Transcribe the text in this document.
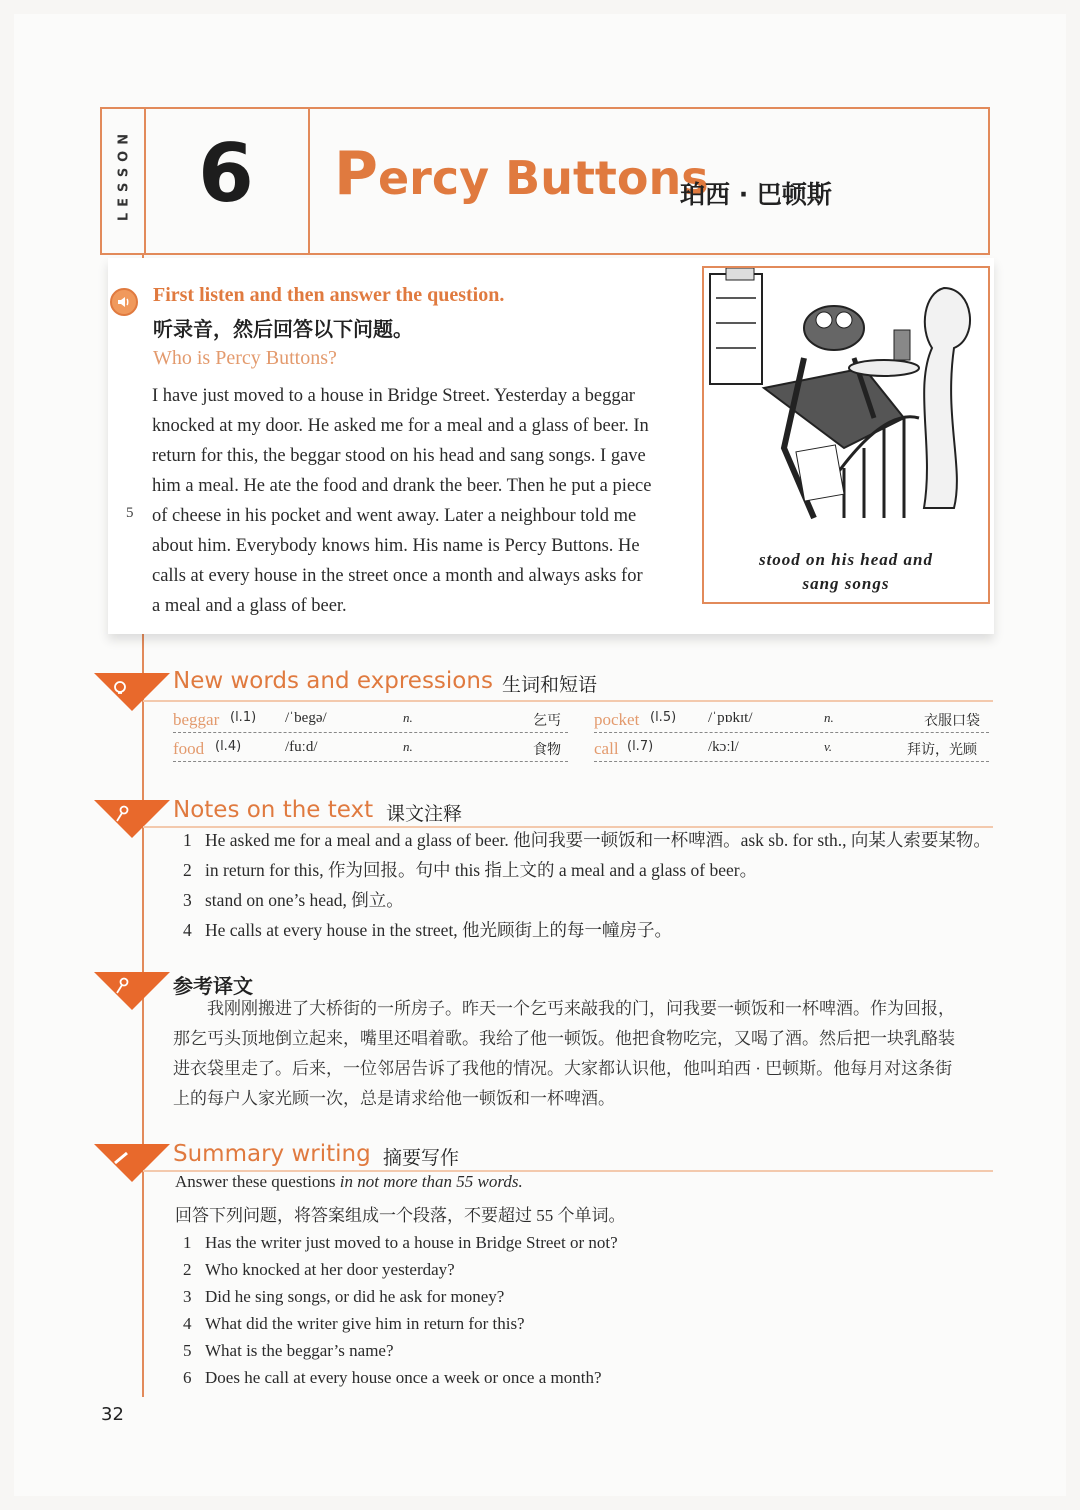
LESSON 6	Percy Buttons
珀西 · 巴顿斯
First listen and then answer the question.
听录音，然后回答以下问题。
Who is Percy Buttons?
5

I have just moved to a house in Bridge Street. Yesterday a beggar

knocked at my door. He asked me for a meal and a glass of beer. In

return for this, the beggar stood on his head and sang songs. I gave

him a meal. He ate the food and drank the beer. Then he put a piece

of cheese in his pocket and went away. Later a neighbour told me

about him. Everybody knows him. His name is Percy Buttons. He

calls at every house in the street once a month and always asks for

a meal and a glass of beer.

stood on his head and
sang songs
New words and expressions 生词和短语
beggar (l.1) /ˈbegə/	n.	乞丐
food (l.4)	/fuːd/	n.	食物
pocket (l.5) /ˈpɒkɪt/	n.	衣服口袋
call (l.7)	/kɔːl/	v.	拜访，光顾
Notes on the text 课文注释
1 He asked me for a meal and a glass of beer. 他问我要一顿饭和一杯啤酒。ask sb. for sth., 向某人索要某物。
2 in return for this, 作为回报。句中 this 指上文的 a meal and a glass of beer。
3 stand on one’s head, 倒立。
4 He calls at every house in the street, 他光顾街上的每一幢房子。
参考译文

　　我刚刚搬进了大桥街的一所房子。昨天一个乞丐来敲我的门，问我要一顿饭和一杯啤酒。作为回报，

那乞丐头顶地倒立起来，嘴里还唱着歌。我给了他一顿饭。他把食物吃完，又喝了酒。然后把一块乳酪装

进衣袋里走了。后来，一位邻居告诉了我他的情况。大家都认识他，他叫珀西 · 巴顿斯。他每月对这条街

上的每户人家光顾一次，总是请求给他一顿饭和一杯啤酒。

Summary writing 摘要写作
Answer these questions in not more than 55 words.
回答下列问题，将答案组成一个段落，不要超过 55 个单词。
1 Has the writer just moved to a house in Bridge Street or not?
2 Who knocked at her door yesterday?
3 Did he sing songs, or did he ask for money?
4 What did the writer give him in return for this?
5 What is the beggar’s name?
6 Does he call at every house once a week or once a month?
32
